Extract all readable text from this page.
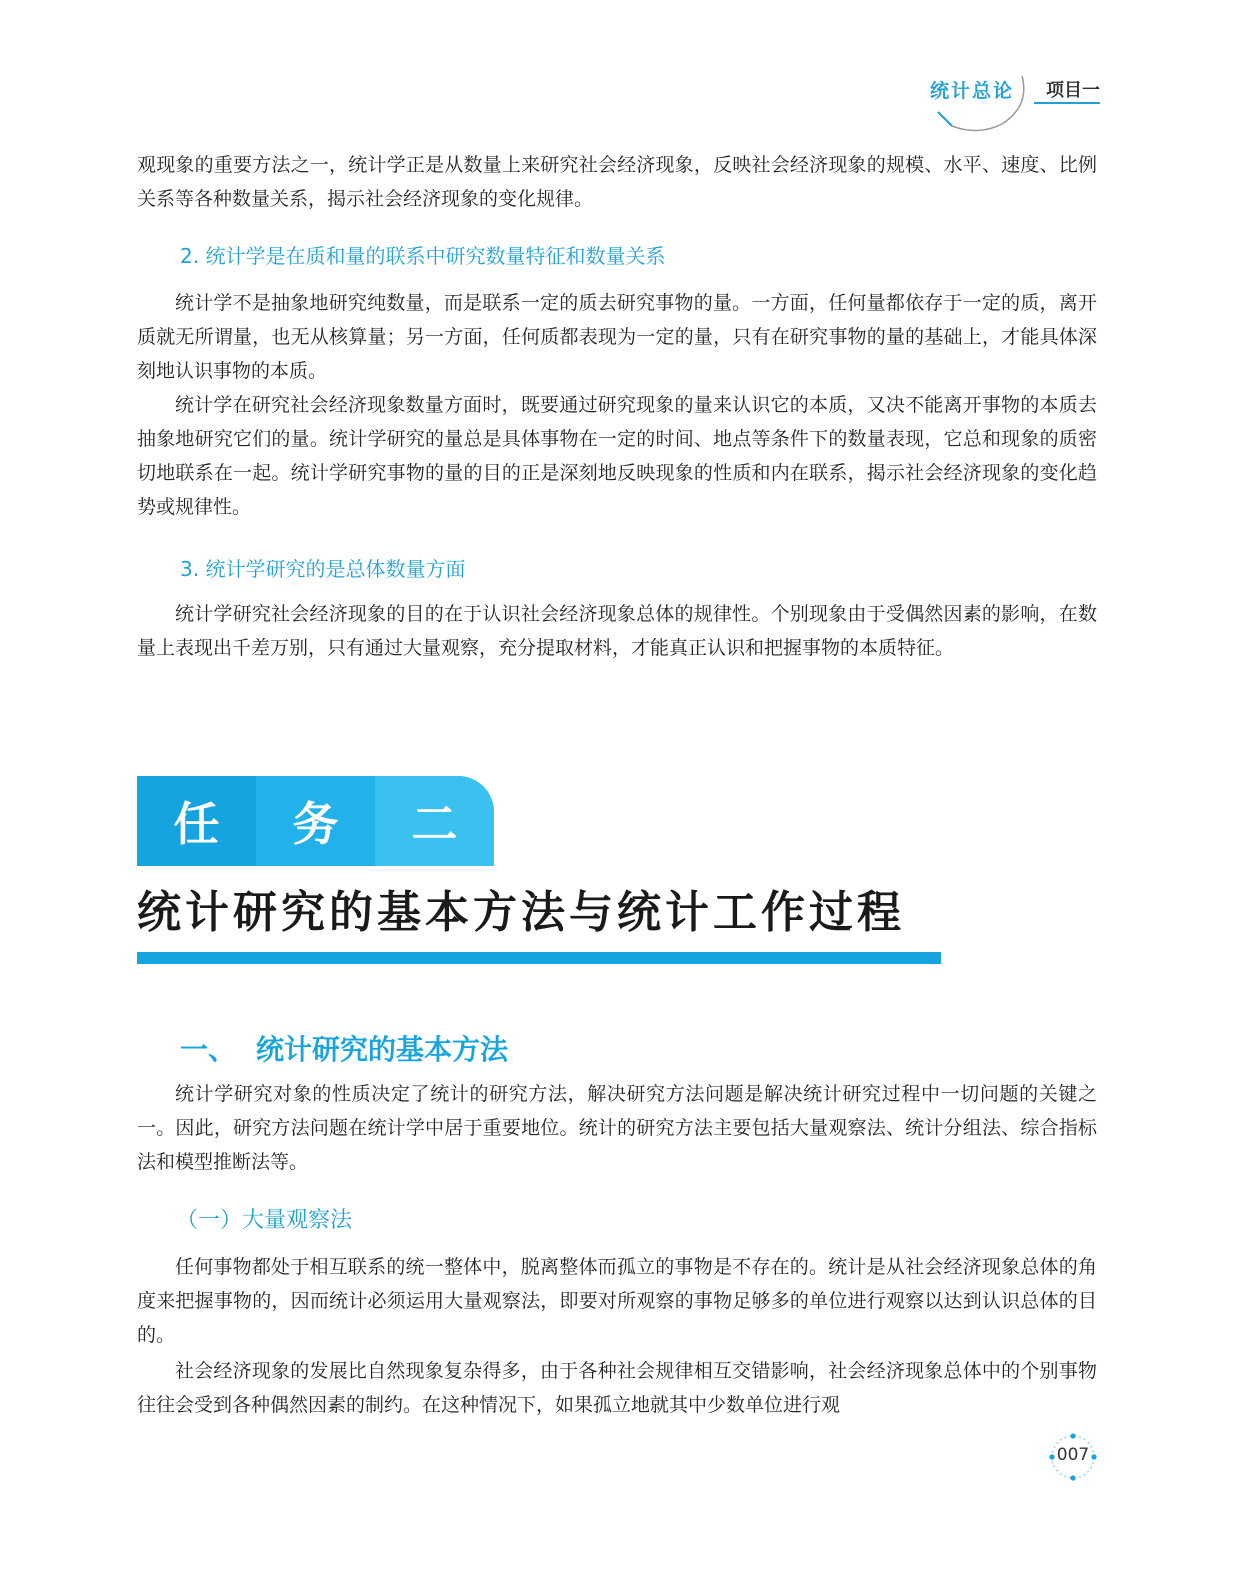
统计总论 项目一

观现象的重要方法之一，统计学正是从数量上来研究社会经济现象，反映社会经济现象的规模、水平、速度、比例关系等各种数量关系，揭示社会经济现象的变化规律。

2. 统计学是在质和量的联系中研究数量特征和数量关系

统计学不是抽象地研究纯数量，而是联系一定的质去研究事物的量。一方面，任何量都依存于一定的质，离开质就无所谓量，也无从核算量；另一方面，任何质都表现为一定的量，只有在研究事物的量的基础上，才能具体深刻地认识事物的本质。

统计学在研究社会经济现象数量方面时，既要通过研究现象的量来认识它的本质，又决不能离开事物的本质去抽象地研究它们的量。统计学研究的量总是具体事物在一定的时间、地点等条件下的数量表现，它总和现象的质密切地联系在一起。统计学研究事物的量的目的正是深刻地反映现象的性质和内在联系，揭示社会经济现象的变化趋势或规律性。

3. 统计学研究的是总体数量方面

统计学研究社会经济现象的目的在于认识社会经济现象总体的规律性。个别现象由于受偶然因素的影响，在数量上表现出千差万别，只有通过大量观察，充分提取材料，才能真正认识和把握事物的本质特征。

任	务	二
统计研究的基本方法与统计工作过程
一、 统计研究的基本方法

统计学研究对象的性质决定了统计的研究方法，解决研究方法问题是解决统计研究过程中一切问题的关键之一。因此，研究方法问题在统计学中居于重要地位。统计的研究方法主要包括大量观察法、统计分组法、综合指标法和模型推断法等。

（一）大量观察法

任何事物都处于相互联系的统一整体中，脱离整体而孤立的事物是不存在的。统计是从社会经济现象总体的角度来把握事物的，因而统计必须运用大量观察法，即要对所观察的事物足够多的单位进行观察以达到认识总体的目的。

社会经济现象的发展比自然现象复杂得多，由于各种社会规律相互交错影响，社会经济现象总体中的个别事物往往会受到各种偶然因素的制约。在这种情况下，如果孤立地就其中少数单位进行观

007
